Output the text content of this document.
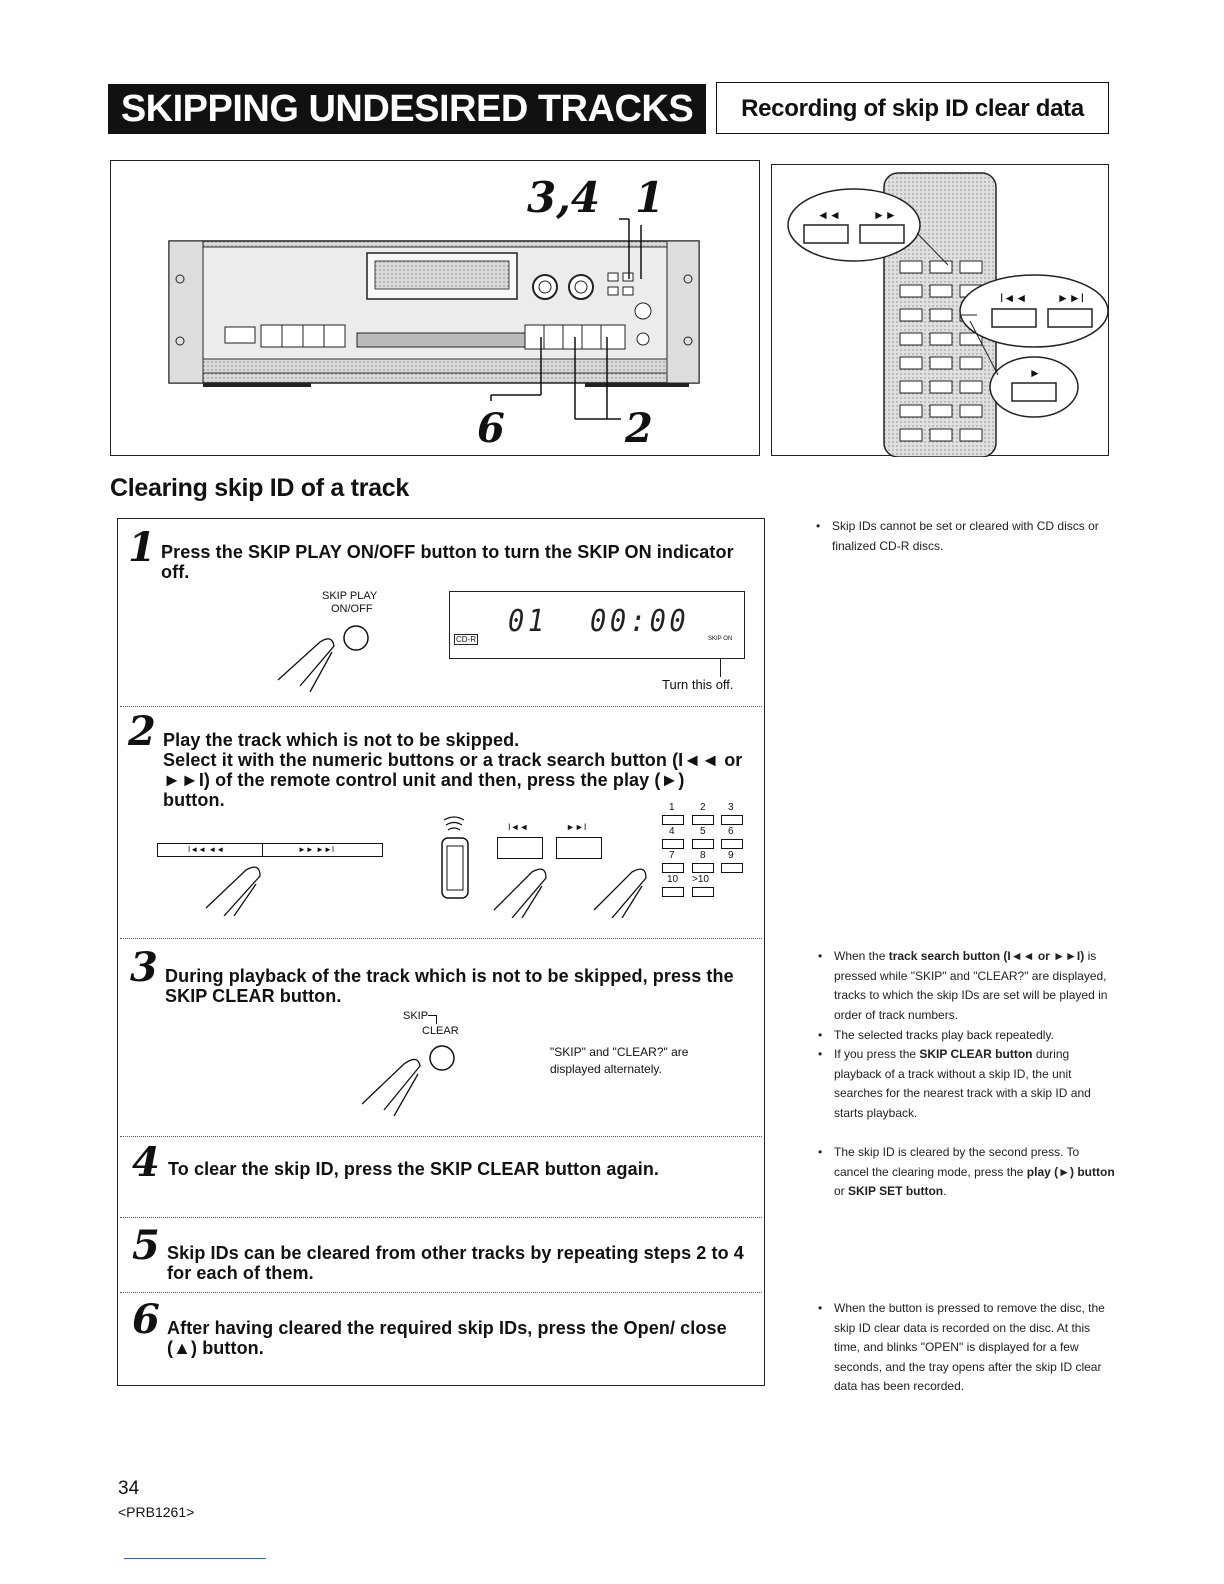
SKIPPING UNDESIRED TRACKS	Recording of skip ID clear data
3,4 1
6	2
◄◄	►►
I◄◄ ►►I
►
Clearing skip ID of a track
1 Press the SKIP PLAY ON/OFF button to turn the SKIP ON indicator off.
SKIP PLAY
ON/OFF	01 00:00
CD-R	SKIP ON
Turn this off.
2 Play the track which is not to be skipped.
Select it with the numeric buttons or a track search button (I◄◄ or ►►I) of the remote control unit and then, press the play (►) button.
I◄◄ ◄◄	►► ►►I
I◄◄	►►I
1	2 3
4	5 6
7	8 9
10 >10
3 During playback of the track which is not to be skipped, press the SKIP CLEAR button.
SKIP
CLEAR
"SKIP" and "CLEAR?" are displayed alternately.
4 To clear the skip ID, press the SKIP CLEAR button again.
5 Skip IDs can be cleared from other tracks by repeating steps 2 to 4 for each of them.
6 After having cleared the required skip IDs, press the Open/ close (▲) button.
• Skip IDs cannot be set or cleared with CD discs or finalized CD-R discs.
• When the track search button (I◄◄ or ►►I) is pressed while "SKIP" and "CLEAR?" are displayed, tracks to which the skip IDs are set will be played in order of track numbers.
• The selected tracks play back repeatedly.
• If you press the SKIP CLEAR button during playback of a track without a skip ID, the unit searches for the nearest track with a skip ID and starts playback.
• The skip ID is cleared by the second press. To cancel the clearing mode, press the play (►) button or SKIP SET button.
• When the button is pressed to remove the disc, the skip ID clear data is recorded on the disc. At this time, and blinks "OPEN" is displayed for a few seconds, and the tray opens after the skip ID clear data has been recorded.
34
<PRB1261>
